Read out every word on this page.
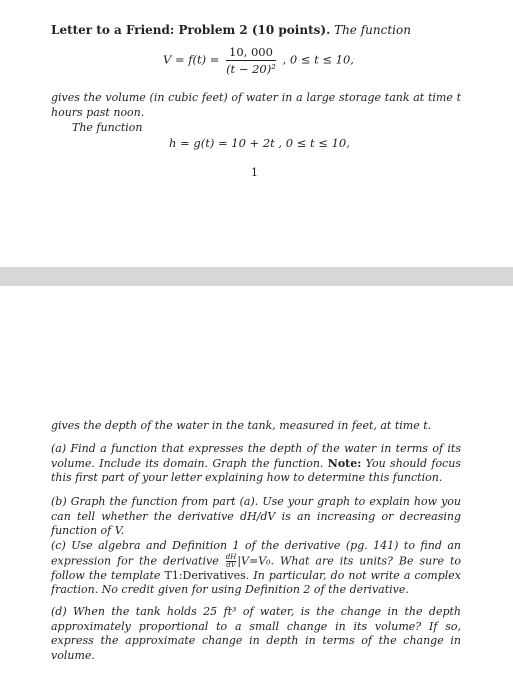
Letter to a Friend: Problem 2 (10 points). The function
$V = f(t) = \frac{10, 000}{\text{(t − 20)²}}$ , 0 ≤ t ≤ 10,
gives the volume (in cubic feet) of water in a large storage tank at time t
hours past noon.
The function
h = g(t) = 10 + 2t , 0 ≤ t ≤ 10,
1
gives the depth of the water in the tank, measured in feet, at time t.
(a) Find a function that expresses the depth of the water in terms of its volume. Include its domain. Graph the function. Note: You should focus this first part of your letter explaining how to determine this function.
(b) Graph the function from part (a). Use your graph to explain how you can tell whether the derivative dH/dV is an increasing or decreasing function of V.
(c) Use algebra and Definition 1 of the derivative (pg. 141) to find an expression for the derivative $\frac{dH}{dV} |V=V_0$. What are its units? Be sure to follow the template T1:Derivatives. In particular, do not write a complex fraction. No credit given for using Definition 2 of the derivative.
(d) When the tank holds 25 ft³ of water, is the change in the depth approximately proportional to a small change in its volume? If so, express the approximate change in depth in terms of the change in volume.
